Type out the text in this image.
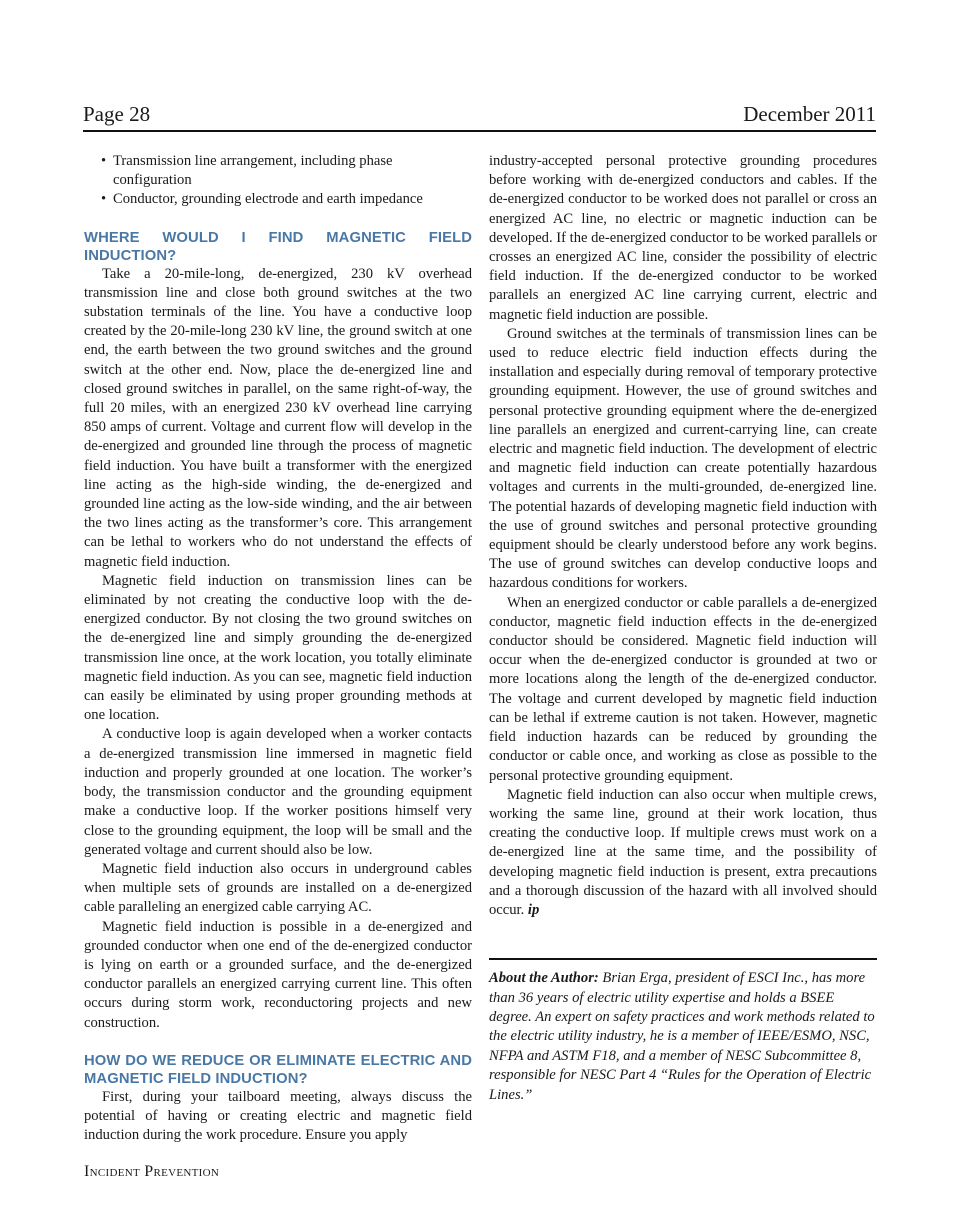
Page 28	December 2011
• Transmission line arrangement, including phase configuration
• Conductor, grounding electrode and earth impedance
WHERE WOULD I FIND MAGNETIC FIELD INDUCTION?

Take a 20-mile-long, de-energized, 230 kV overhead transmission line and close both ground switches at the two substation terminals of the line. You have a conductive loop created by the 20-mile-long 230 kV line, the ground switch at one end, the earth between the two ground switches and the ground switch at the other end. Now, place the de-energized line and closed ground switches in parallel, on the same right-of-way, the full 20 miles, with an energized 230 kV overhead line carrying 850 amps of current. Voltage and current flow will develop in the de-energized and grounded line through the process of magnetic field induction. You have built a transformer with the energized line acting as the high-side winding, the de-energized and grounded line acting as the low-side winding, and the air between the two lines acting as the transformer’s core. This arrangement can be lethal to workers who do not understand the effects of magnetic field induction.

Magnetic field induction on transmission lines can be eliminated by not creating the conductive loop with the de-energized conductor. By not closing the two ground switches on the de-energized line and simply grounding the de-energized transmission line once, at the work location, you totally eliminate magnetic field induction. As you can see, magnetic field induction can easily be eliminated by using proper grounding methods at one location.

A conductive loop is again developed when a worker contacts a de-energized transmission line immersed in magnetic field induction and properly grounded at one location. The worker’s body, the transmission conductor and the grounding equipment make a conductive loop. If the worker positions himself very close to the grounding equipment, the loop will be small and the generated voltage and current should also be low.

Magnetic field induction also occurs in underground cables when multiple sets of grounds are installed on a de-energized cable paralleling an energized cable carrying AC.

Magnetic field induction is possible in a de-energized and grounded conductor when one end of the de-energized conductor is lying on earth or a grounded surface, and the de-energized conductor parallels an energized carrying current line. This often occurs during storm work, reconductoring projects and new construction.

HOW DO WE REDUCE OR ELIMINATE ELECTRIC AND MAGNETIC FIELD INDUCTION?

First, during your tailboard meeting, always discuss the potential of having or creating electric and magnetic field induction during the work procedure. Ensure you apply

industry-accepted personal protective grounding procedures before working with de-energized conductors and cables. If the de-energized conductor to be worked does not parallel or cross an energized AC line, no electric or magnetic induction can be developed. If the de-energized conductor to be worked parallels or crosses an energized AC line, consider the possibility of electric field induction. If the de-energized conductor to be worked parallels an energized AC line carrying current, electric and magnetic field induction are possible.

Ground switches at the terminals of transmission lines can be used to reduce electric field induction effects during the installation and especially during removal of temporary protective grounding equipment. However, the use of ground switches and personal protective grounding equipment where the de-energized line parallels an energized and current-carrying line, can create electric and magnetic field induction. The development of electric and magnetic field induction can create potentially hazardous voltages and currents in the multi-grounded, de-energized line. The potential hazards of developing magnetic field induction with the use of ground switches and personal protective grounding equipment should be clearly understood before any work begins. The use of ground switches can develop conductive loops and hazardous conditions for workers.

When an energized conductor or cable parallels a de-energized conductor, magnetic field induction effects in the de-energized conductor should be considered. Magnetic field induction will occur when the de-energized conductor is grounded at two or more locations along the length of the de-energized conductor. The voltage and current developed by magnetic field induction can be lethal if extreme caution is not taken. However, magnetic field induction hazards can be reduced by grounding the conductor or cable once, and working as close as possible to the personal protective grounding equipment.

Magnetic field induction can also occur when multiple crews, working the same line, ground at their work location, thus creating the conductive loop. If multiple crews must work on a de-energized line at the same time, and the possibility of developing magnetic field induction is present, extra precautions and a thorough discussion of the hazard with all involved should occur. ip

About the Author: Brian Erga, president of ESCI Inc., has more than 36 years of electric utility expertise and holds a BSEE degree. An expert on safety practices and work methods related to the electric utility industry, he is a member of IEEE/ESMO, NSC, NFPA and ASTM F18, and a member of NESC Subcommittee 8, responsible for NESC Part 4 “Rules for the Operation of Electric Lines.”

Incident Prevention
